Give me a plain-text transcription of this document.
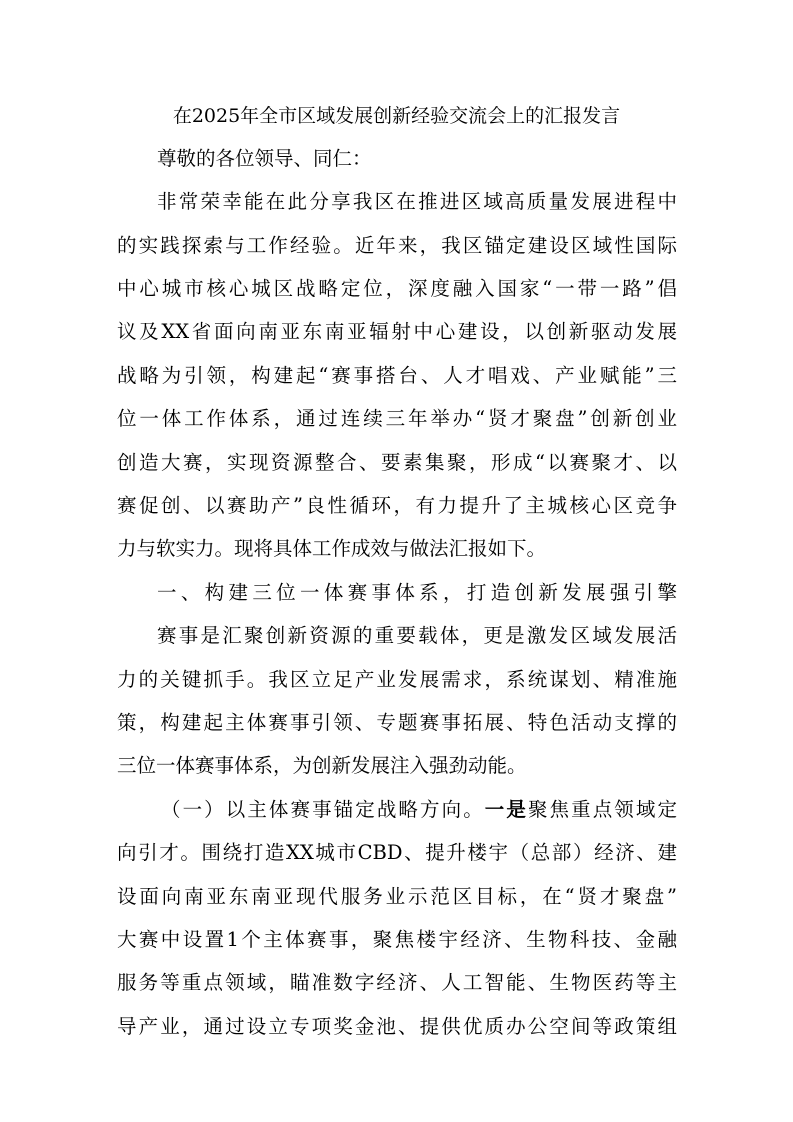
在2025年全市区域发展创新经验交流会上的汇报发言

尊敬的各位领导、同仁：

非常荣幸能在此分享我区在推进区域高质量发展进程中

的实践探索与工作经验。近年来，我区锚定建设区域性国际

中心城市核心城区战略定位，深度融入国家“一带一路”倡

议及XX省面向南亚东南亚辐射中心建设，以创新驱动发展

战略为引领，构建起“赛事搭台、人才唱戏、产业赋能”三

位一体工作体系，通过连续三年举办“贤才聚盘”创新创业

创造大赛，实现资源整合、要素集聚，形成“以赛聚才、以

赛促创、以赛助产”良性循环，有力提升了主城核心区竞争

力与软实力。现将具体工作成效与做法汇报如下。

一、构建三位一体赛事体系，打造创新发展强引擎

赛事是汇聚创新资源的重要载体，更是激发区域发展活

力的关键抓手。我区立足产业发展需求，系统谋划、精准施

策，构建起主体赛事引领、专题赛事拓展、特色活动支撑的

三位一体赛事体系，为创新发展注入强劲动能。

（一）以主体赛事锚定战略方向。一是聚焦重点领域定

向引才。围绕打造XX城市CBD、提升楼宇（总部）经济、建

设面向南亚东南亚现代服务业示范区目标，在“贤才聚盘”

大赛中设置1个主体赛事，聚焦楼宇经济、生物科技、金融

服务等重点领域，瞄准数字经济、人工智能、生物医药等主

导产业，通过设立专项奖金池、提供优质办公空间等政策组
